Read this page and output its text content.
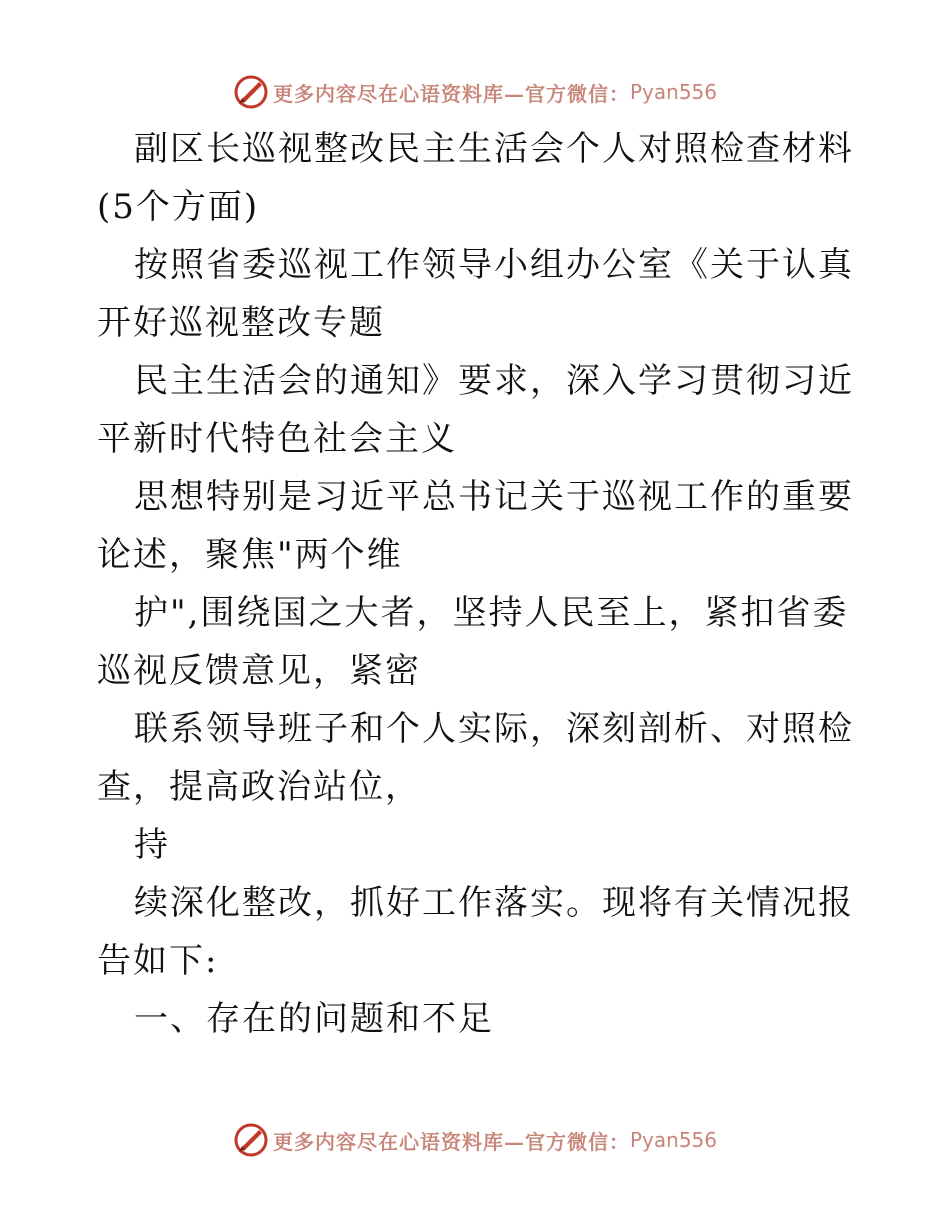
更多内容尽在心语资料库—官方微信： Pyan556

副区长巡视整改民主生活会个人对照检查材料(5个方面)

按照省委巡视工作领导小组办公室《关于认真开好巡视整改专题

民主生活会的通知》要求，深入学习贯彻习近平新时代特色社会主义

思想特别是习近平总书记关于巡视工作的重要论述，聚焦"两个维

护",围绕国之大者，坚持人民至上，紧扣省委巡视反馈意见，紧密

联系领导班子和个人实际，深刻剖析、对照检查，提高政治站位，

持

续深化整改，抓好工作落实。现将有关情况报告如下:

一、存在的问题和不足

更多内容尽在心语资料库—官方微信： Pyan556
